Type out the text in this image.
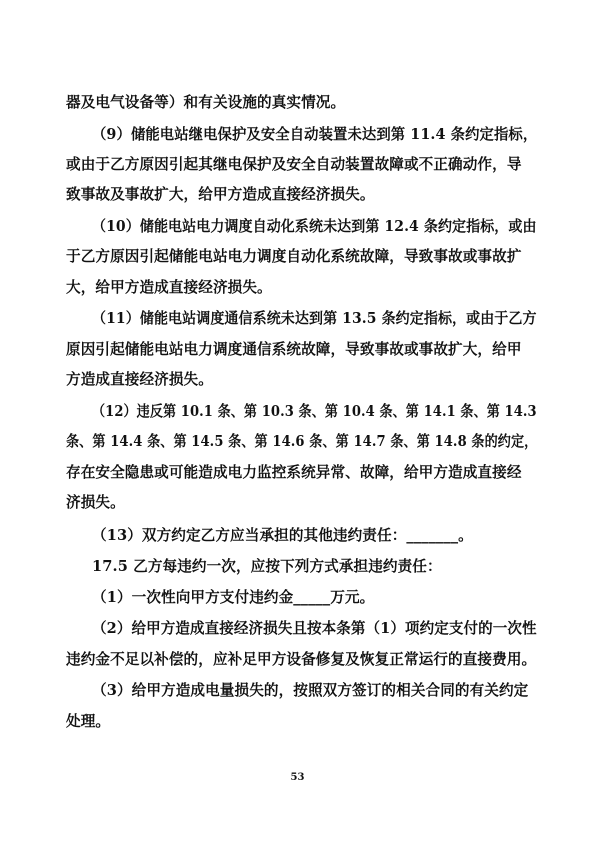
器及电气设备等）和有关设施的真实情况。
（9）储能电站继电保护及安全自动装置未达到第 11.4 条约定指标，
或由于乙方原因引起其继电保护及安全自动装置故障或不正确动作，导
致事故及事故扩大，给甲方造成直接经济损失。
（10）储能电站电力调度自动化系统未达到第 12.4 条约定指标，或由
于乙方原因引起储能电站电力调度自动化系统故障，导致事故或事故扩
大，给甲方造成直接经济损失。
（11）储能电站调度通信系统未达到第 13.5 条约定指标，或由于乙方
原因引起储能电站电力调度通信系统故障，导致事故或事故扩大，给甲
方造成直接经济损失。
（12）违反第 10.1 条、第 10.3 条、第 10.4 条、第 14.1 条、第 14.3
条、第 14.4 条、第 14.5 条、第 14.6 条、第 14.7 条、第 14.8 条的约定，
存在安全隐患或可能造成电力监控系统异常、故障，给甲方造成直接经
济损失。
（13）双方约定乙方应当承担的其他违约责任：_______。
17.5 乙方每违约一次，应按下列方式承担违约责任：
（1）一次性向甲方支付违约金_____万元。
（2）给甲方造成直接经济损失且按本条第（1）项约定支付的一次性
违约金不足以补偿的，应补足甲方设备修复及恢复正常运行的直接费用。
（3）给甲方造成电量损失的，按照双方签订的相关合同的有关约定
处理。
53
